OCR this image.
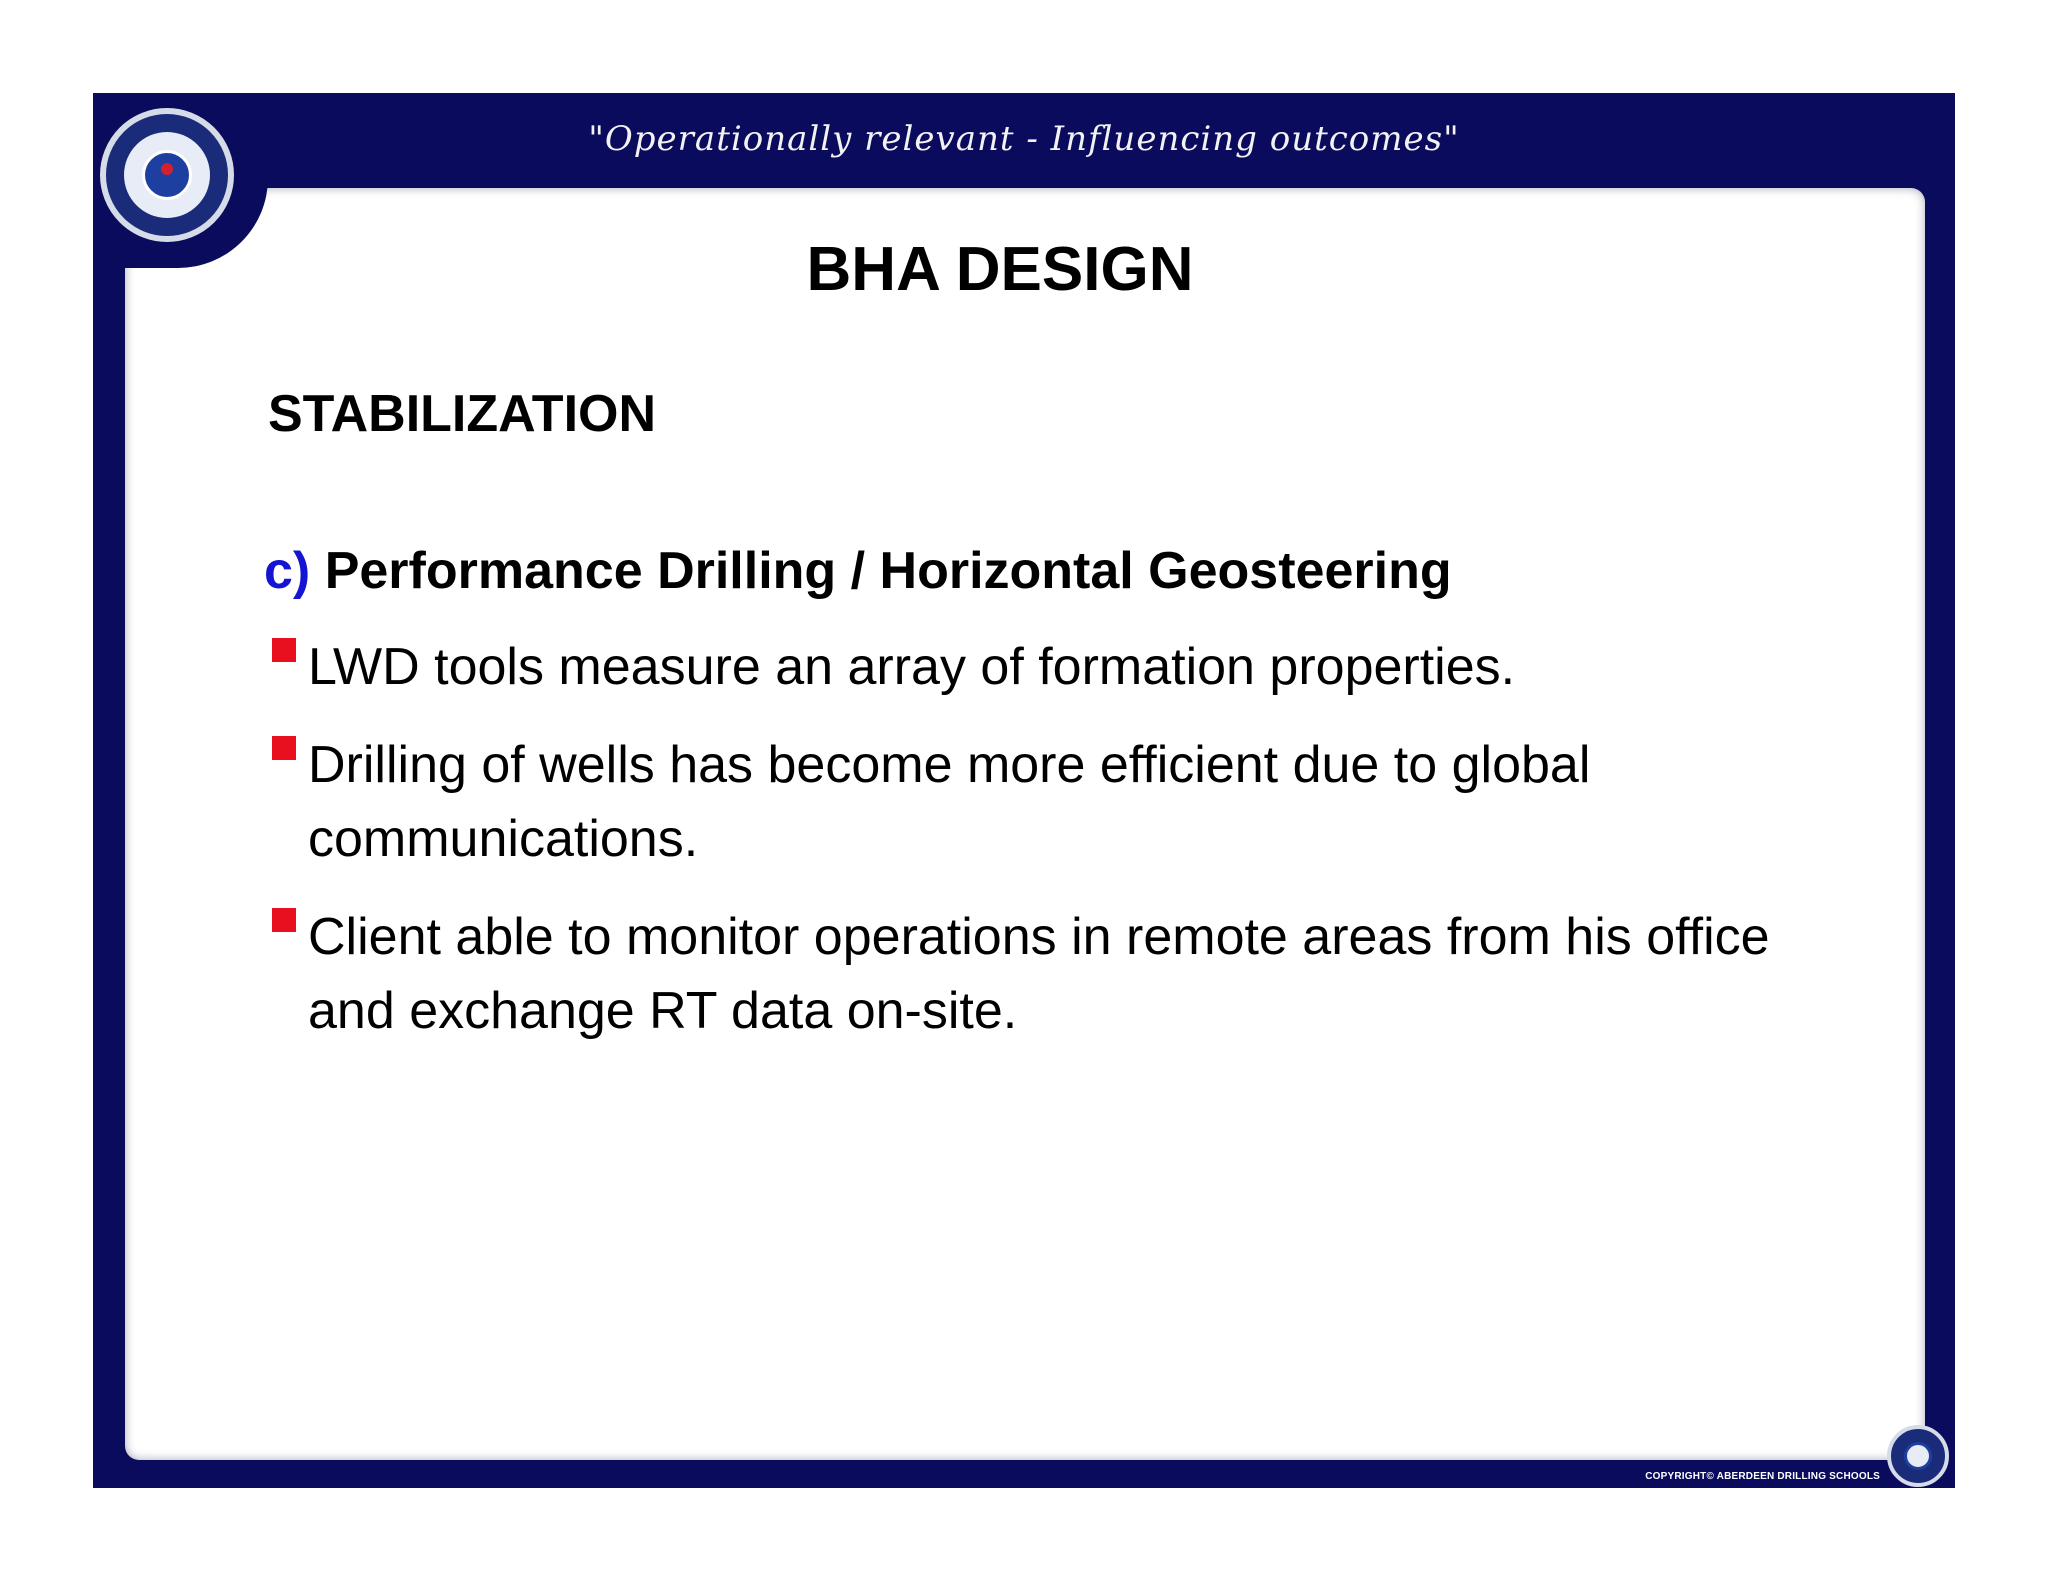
"Operationally relevant - Influencing outcomes"
BHA DESIGN
STABILIZATION
c) Performance Drilling / Horizontal Geosteering
LWD tools measure an array of formation properties.
Drilling of wells has become more efficient due to global communications.
Client able to monitor operations in remote areas from his office and exchange RT data on-site.
COPYRIGHT© ABERDEEN DRILLING SCHOOLS
